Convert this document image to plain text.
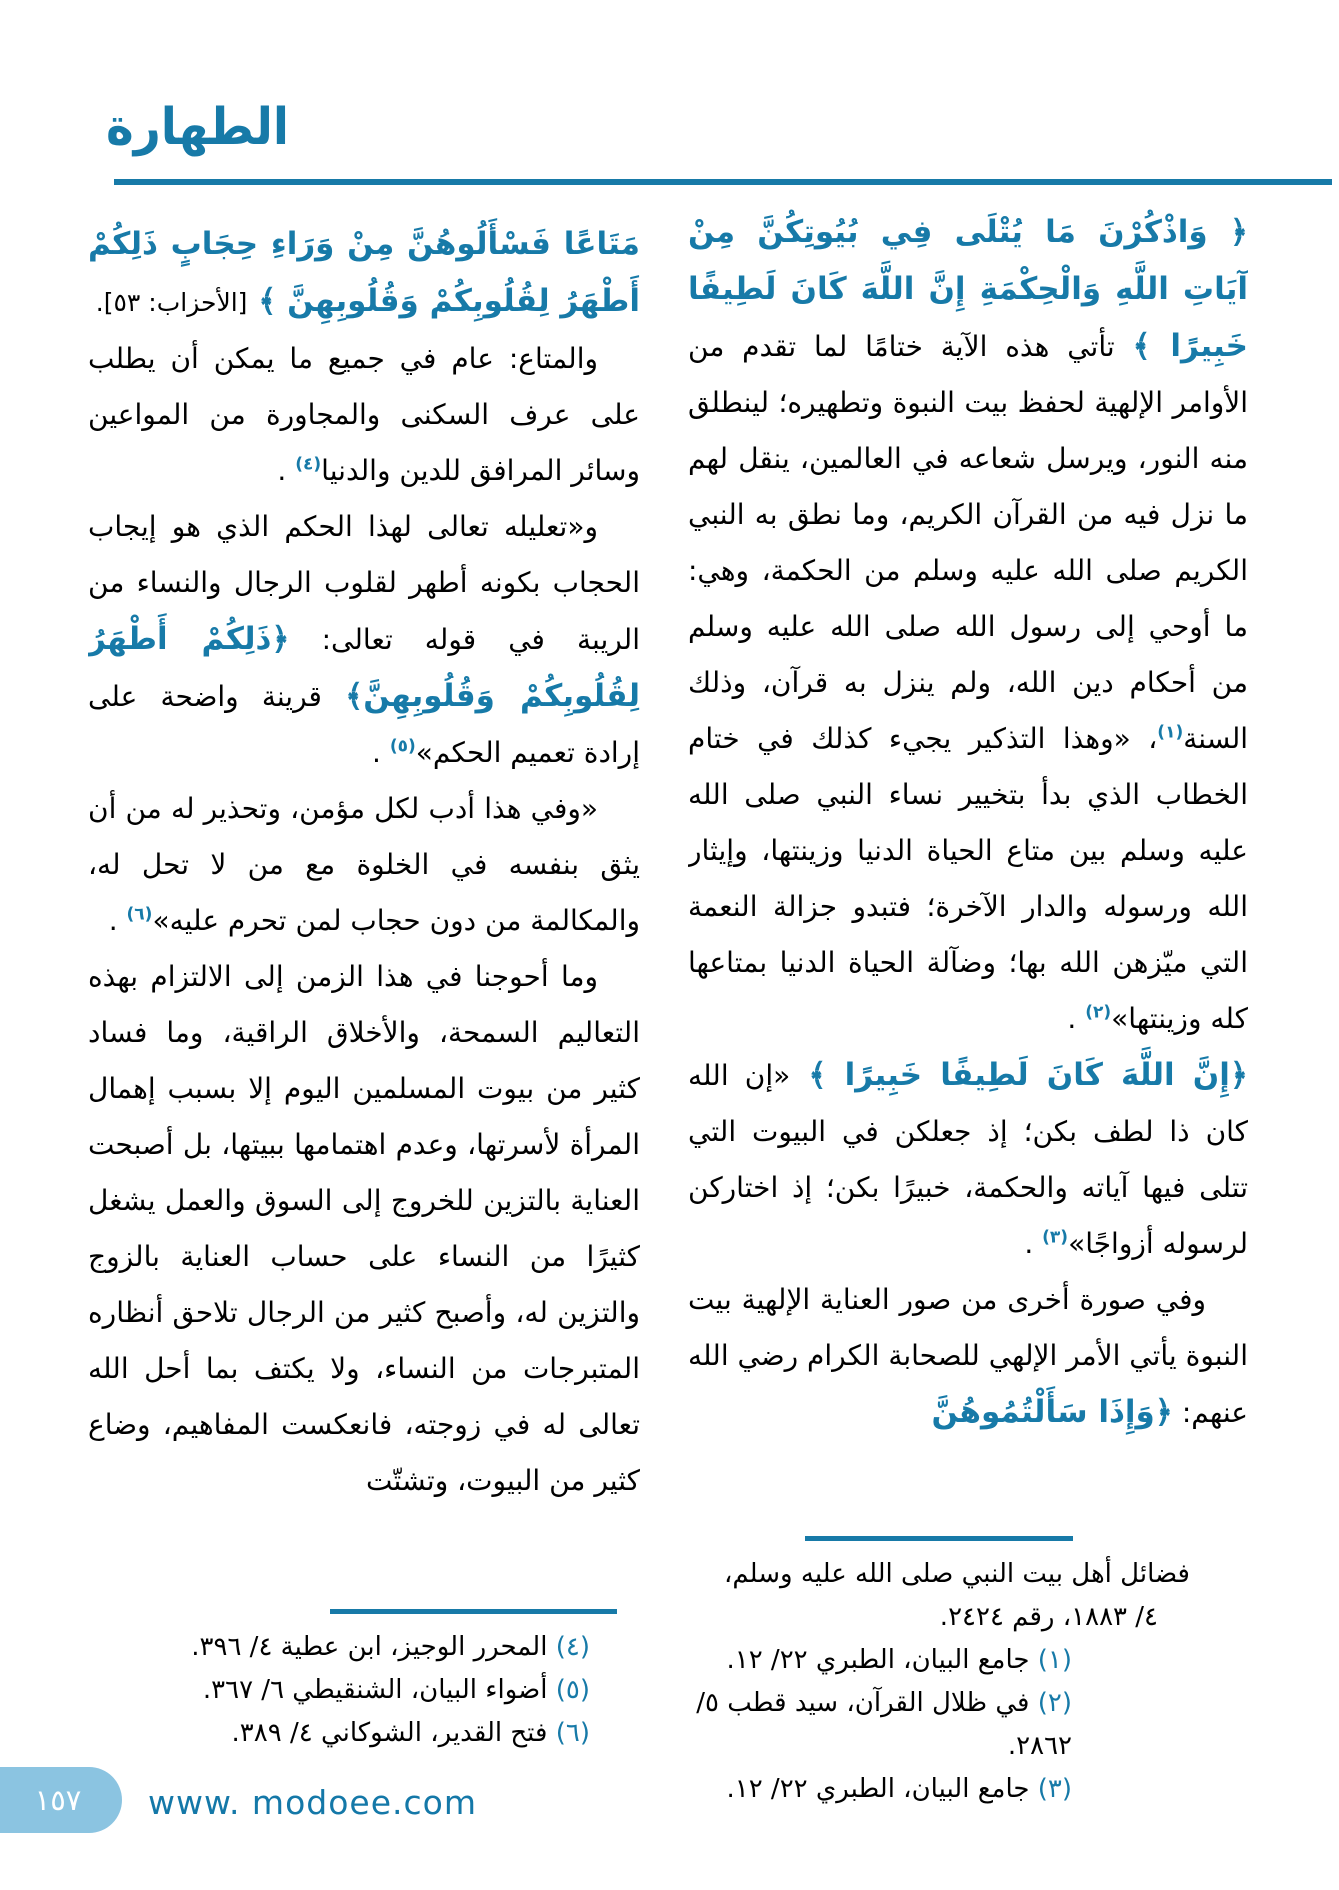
الطهارة

﴿ وَاذْكُرْنَ مَا يُتْلَى فِي بُيُوتِكُنَّ مِنْ آيَاتِ اللَّهِ وَالْحِكْمَةِ إِنَّ اللَّهَ كَانَ لَطِيفًا خَبِيرًا ﴾ تأتي هذه الآية ختامًا لما تقدم من الأوامر الإلهية لحفظ بيت النبوة وتطهيره؛ لينطلق منه النور، ويرسل شعاعه في العالمين، ينقل لهم ما نزل فيه من القرآن الكريم، وما نطق به النبي الكريم صلى الله عليه وسلم من الحكمة، وهي: ما أوحي إلى رسول الله صلى الله عليه وسلم من أحكام دين الله، ولم ينزل به قرآن، وذلك السنة$^{(١)}$، «وهذا التذكير يجيء كذلك في ختام الخطاب الذي بدأ بتخيير نساء النبي صلى الله عليه وسلم بين متاع الحياة الدنيا وزينتها، وإيثار الله ورسوله والدار الآخرة؛ فتبدو جزالة النعمة التي ميّزهن الله بها؛ وضآلة الحياة الدنيا بمتاعها كله وزينتها»$^{(٢)}$ .

﴿إِنَّ اللَّهَ كَانَ لَطِيفًا خَبِيرًا ﴾ «إن الله كان ذا لطف بكن؛ إذ جعلكن في البيوت التي تتلى فيها آياته والحكمة، خبيرًا بكن؛ إذ اختاركن لرسوله أزواجًا»$^{(٣)}$ .

وفي صورة أخرى من صور العناية الإلهية بيت النبوة يأتي الأمر الإلهي للصحابة الكرام رضي الله عنهم: ﴿وَإِذَا سَأَلْتُمُوهُنَّ

مَتَاعًا فَسْأَلُوهُنَّ مِنْ وَرَاءِ حِجَابٍ ذَلِكُمْ أَطْهَرُ لِقُلُوبِكُمْ وَقُلُوبِهِنَّ ﴾ [الأحزاب: ٥٣].

والمتاع: عام في جميع ما يمكن أن يطلب على عرف السكنى والمجاورة من المواعين وسائر المرافق للدين والدنيا$^{(٤)}$ .

و«تعليله تعالى لهذا الحكم الذي هو إيجاب الحجاب بكونه أطهر لقلوب الرجال والنساء من الريبة في قوله تعالى: ﴿ذَلِكُمْ أَطْهَرُ لِقُلُوبِكُمْ وَقُلُوبِهِنَّ﴾ قرينة واضحة على إرادة تعميم الحكم»$^{(٥)}$ .

«وفي هذا أدب لكل مؤمن، وتحذير له من أن يثق بنفسه في الخلوة مع من لا تحل له، والمكالمة من دون حجاب لمن تحرم عليه»$^{(٦)}$ .

وما أحوجنا في هذا الزمن إلى الالتزام بهذه التعاليم السمحة، والأخلاق الراقية، وما فساد كثير من بيوت المسلمين اليوم إلا بسبب إهمال المرأة لأسرتها، وعدم اهتمامها ببيتها، بل أصبحت العناية بالتزين للخروج إلى السوق والعمل يشغل كثيرًا من النساء على حساب العناية بالزوج والتزين له، وأصبح كثير من الرجال تلاحق أنظاره المتبرجات من النساء، ولا يكتف بما أحل الله تعالى له في زوجته، فانعكست المفاهيم، وضاع كثير من البيوت، وتشتّت

فضائل أهل بيت النبي صلى الله عليه وسلم،
٤/ ١٨٨٣، رقم ٢٤٢٤.
(١) جامع البيان، الطبري ٢٢/ ١٢.
(٢) في ظلال القرآن، سيد قطب ٥/ ٢٨٦٢.
(٣) جامع البيان، الطبري ٢٢/ ١٢.
(٤) المحرر الوجيز، ابن عطية ٤/ ٣٩٦.
(٥) أضواء البيان، الشنقيطي ٦/ ٣٦٧.
(٦) فتح القدير، الشوكاني ٤/ ٣٨٩.
١٥٧ www. modoee.com
